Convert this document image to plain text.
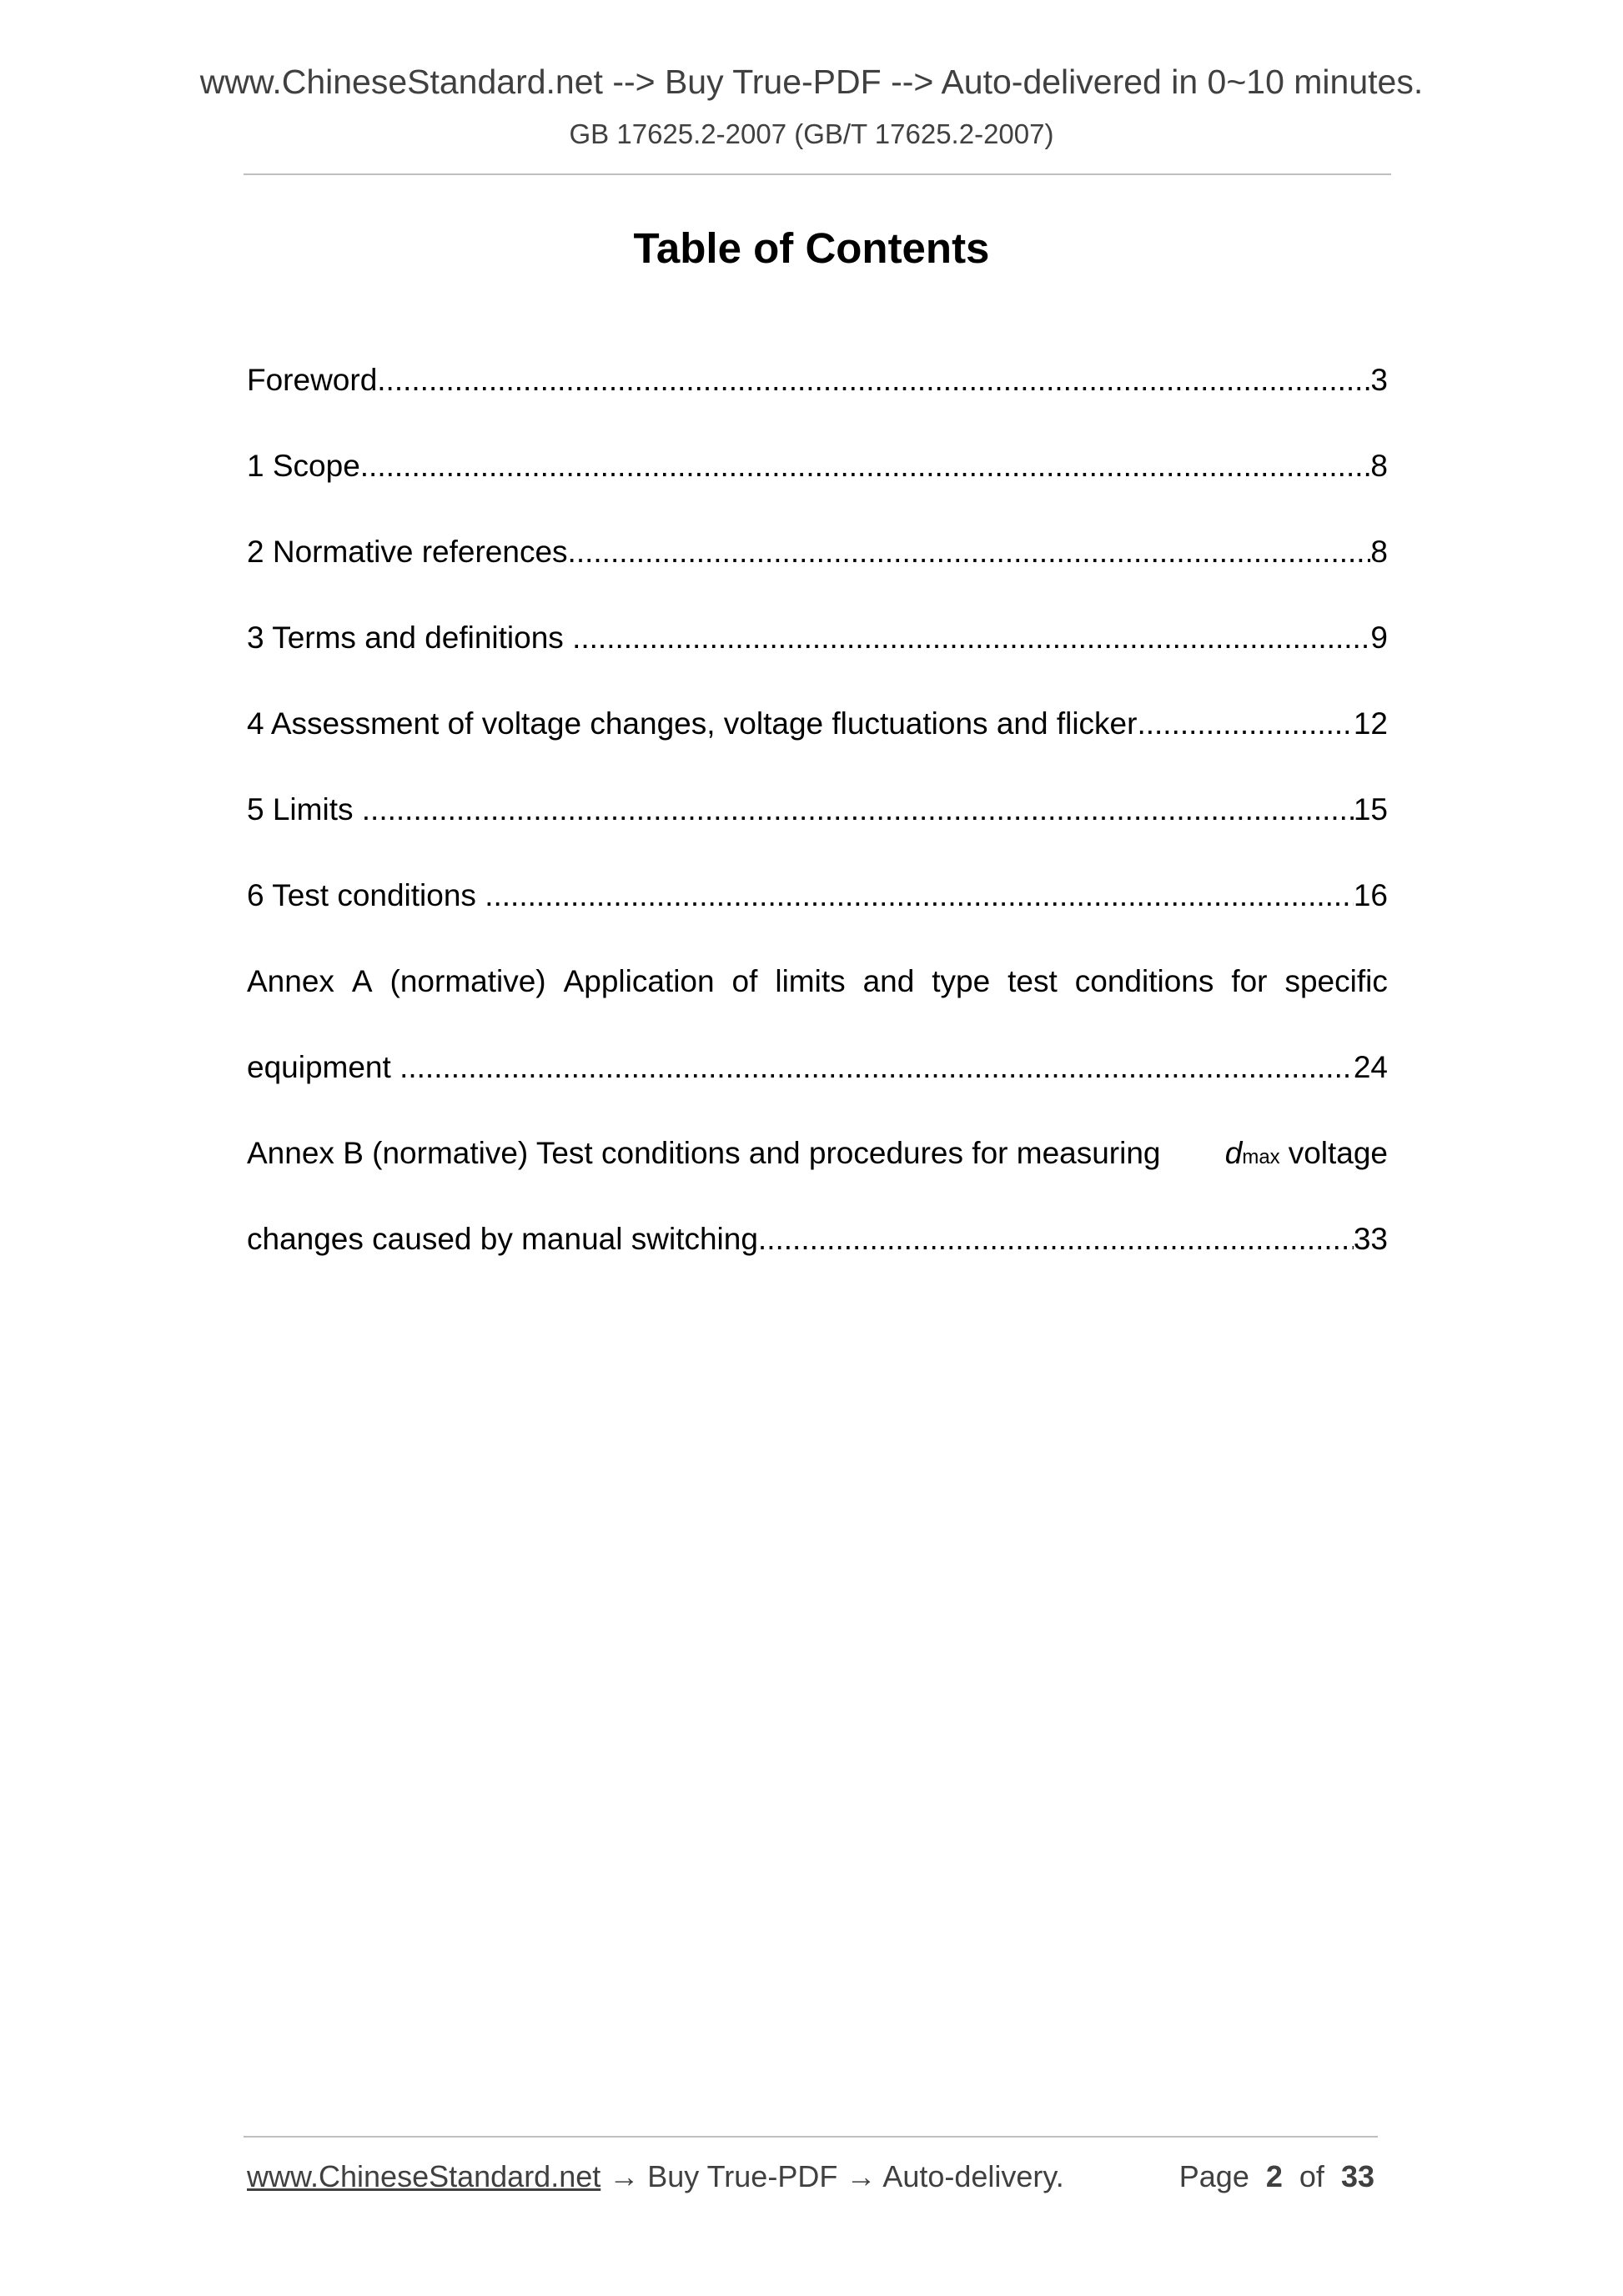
www.ChineseStandard.net --> Buy True-PDF --> Auto-delivered in 0~10 minutes.
GB 17625.2-2007 (GB/T 17625.2-2007)
Table of Contents
Foreword .....	3
1 Scope .....	8
2 Normative references .....	8
3 Terms and definitions .....	9
4 Assessment of voltage changes, voltage fluctuations and flicker .....	12
5 Limits .....	15
6 Test conditions .....	16
Annex A (normative) Application of limits and type test conditions for specific
equipment .....	24
Annex B (normative) Test conditions and procedures for measuring d max voltage
changes caused by manual switching .....	33
www.ChineseStandard.net → Buy True-PDF → Auto-delivery.	Page 2 of 33
